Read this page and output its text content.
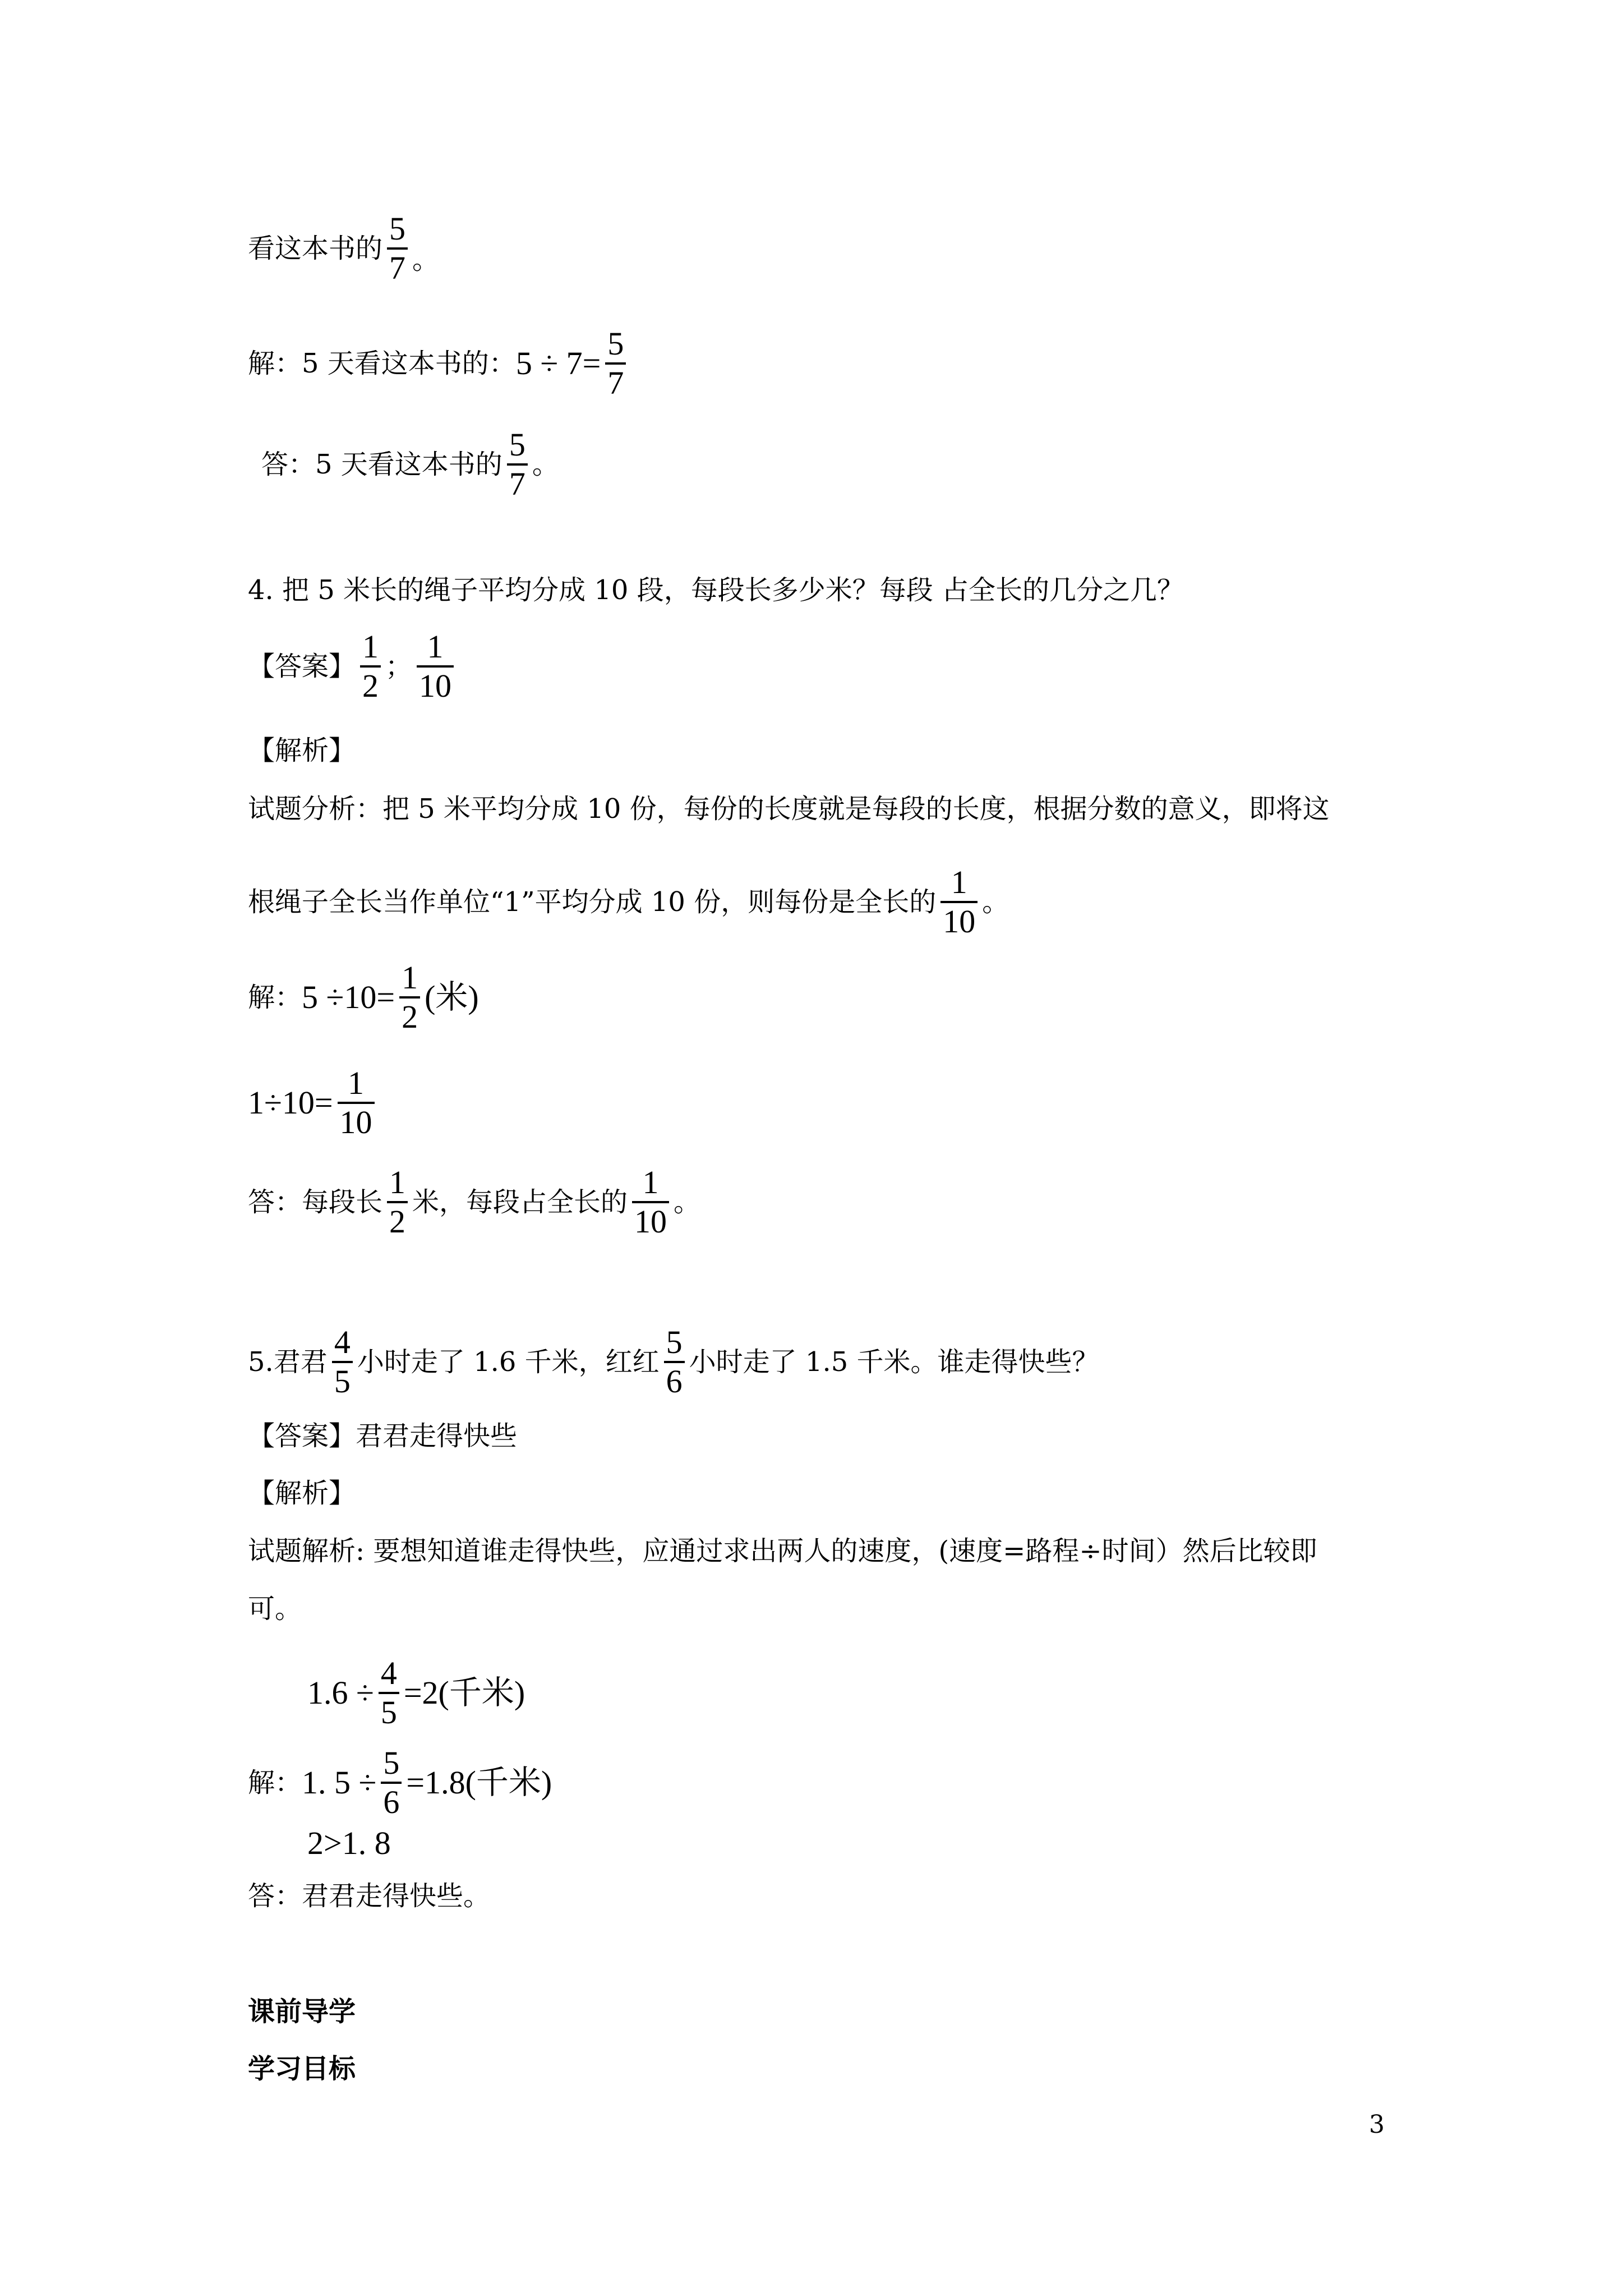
看这本书的 $\frac{5}{7}$ 。
解：5 天看这本书的： $5 \div 7= \frac{5}{7}$
答：5 天看这本书的 $\frac{5}{7}$ 。
4. 把 5 米长的绳子平均分成 10 段，每段长多少米？每段 占全长的几分之几？
【答案】 $\frac{1}{2}$ ； $\frac{1}{10}$
【解析】
试题分析：把 5 米平均分成 10 份，每份的长度就是每段的长度，根据分数的意义，即将这
根绳子全长当作单位“1”平均分成 10 份，则每份是全长的 $\frac{1}{10}$ 。
解： $5 \div 10= \frac{1}{2}$ (米)
$1\div 10= \frac{1}{10}$
答：每段长 $\frac{1}{2}$ 米，每段占全长的 $\frac{1}{10}$ 。
5.君君 $\frac{4}{5}$ 小时走了 1.6 千米，红红 $\frac{5}{6}$ 小时走了 1.5 千米。谁走得快些？
【答案】君君走得快些
【解析】
试题解析: 要想知道谁走得快些，应通过求出两人的速度，(速度=路程÷时间）然后比较即
可。
$1.6 \div \frac{4}{5} =2$(千米)
解： 1. $5 \div \frac{5}{6} =1.8$(千米)
2>1. 8
答：君君走得快些。
课前导学
学习目标
3
